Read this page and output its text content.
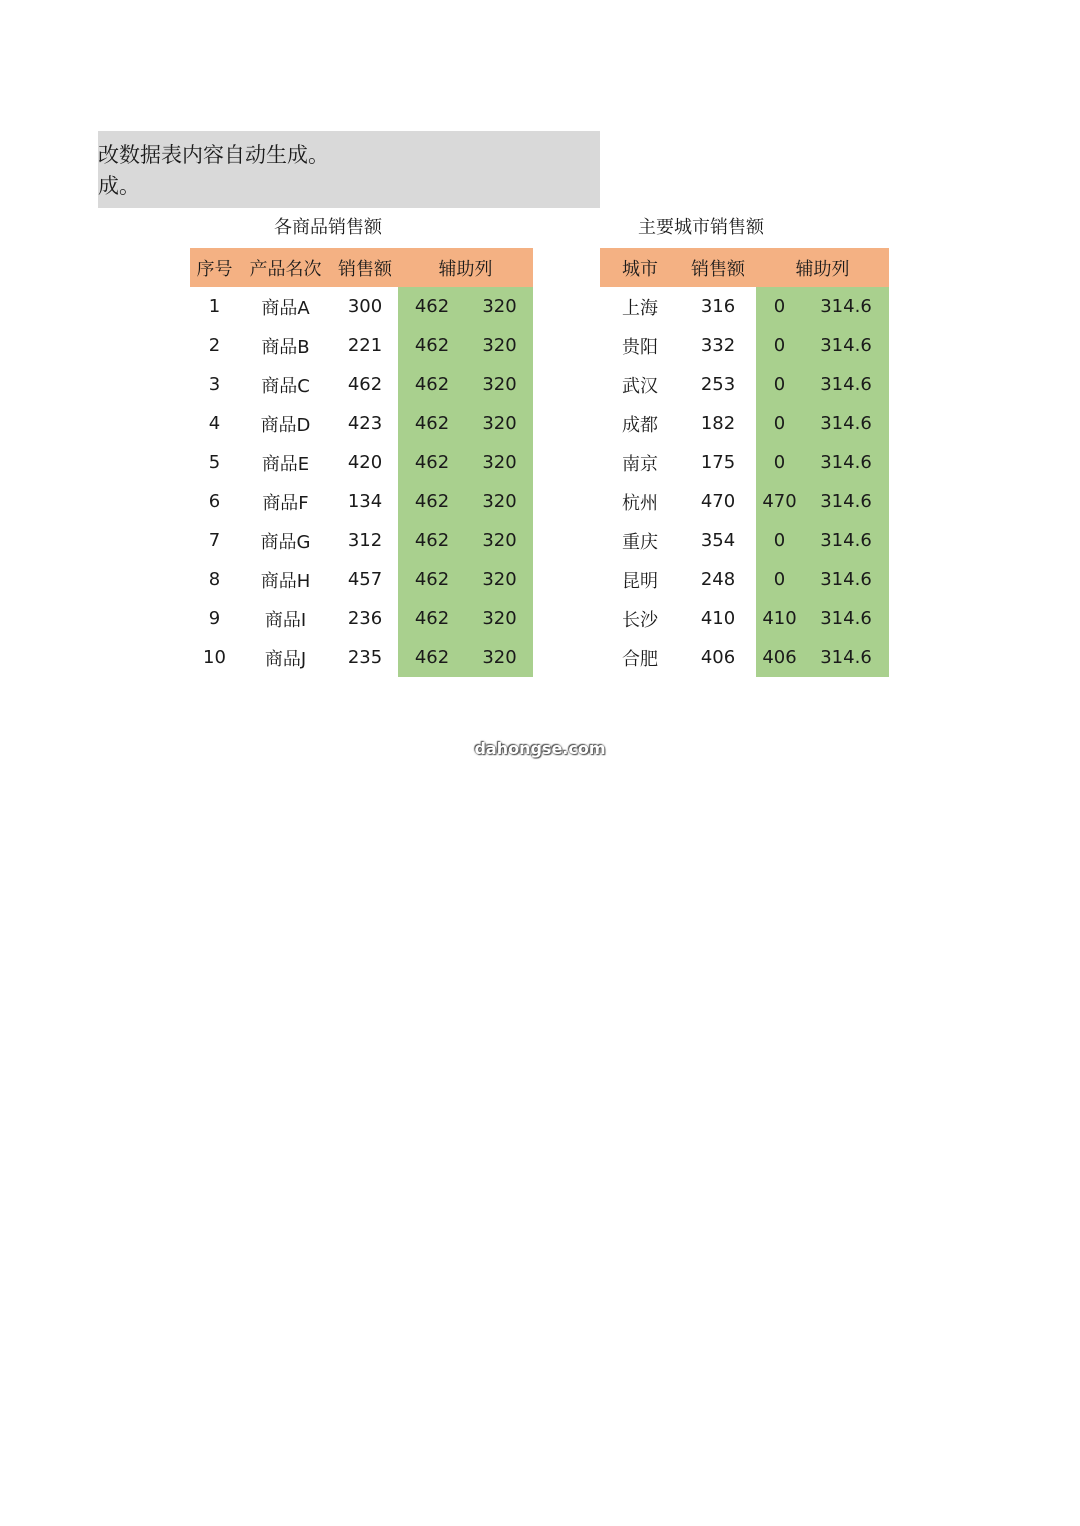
改数据表内容自动生成。
成。
各商品销售额	主要城市销售额
序号	产品名次	销售额	辅助列	
1	商品A	300	462	320
2	商品B	221	462	320
3	商品C	462	462	320
4	商品D	423	462	320
5	商品E	420	462	320
6	商品F	134	462	320
7	商品G	312	462	320
8	商品H	457	462	320
9	商品I	236	462	320
10	商品J	235	462	320
城市	销售额	辅助列	
上海	316	0	314.6
贵阳	332	0	314.6
武汉	253	0	314.6
成都	182	0	314.6
南京	175	0	314.6
杭州	470	470	314.6
重庆	354	0	314.6
昆明	248	0	314.6
长沙	410	410	314.6
合肥	406	406	314.6
dahongse.com
